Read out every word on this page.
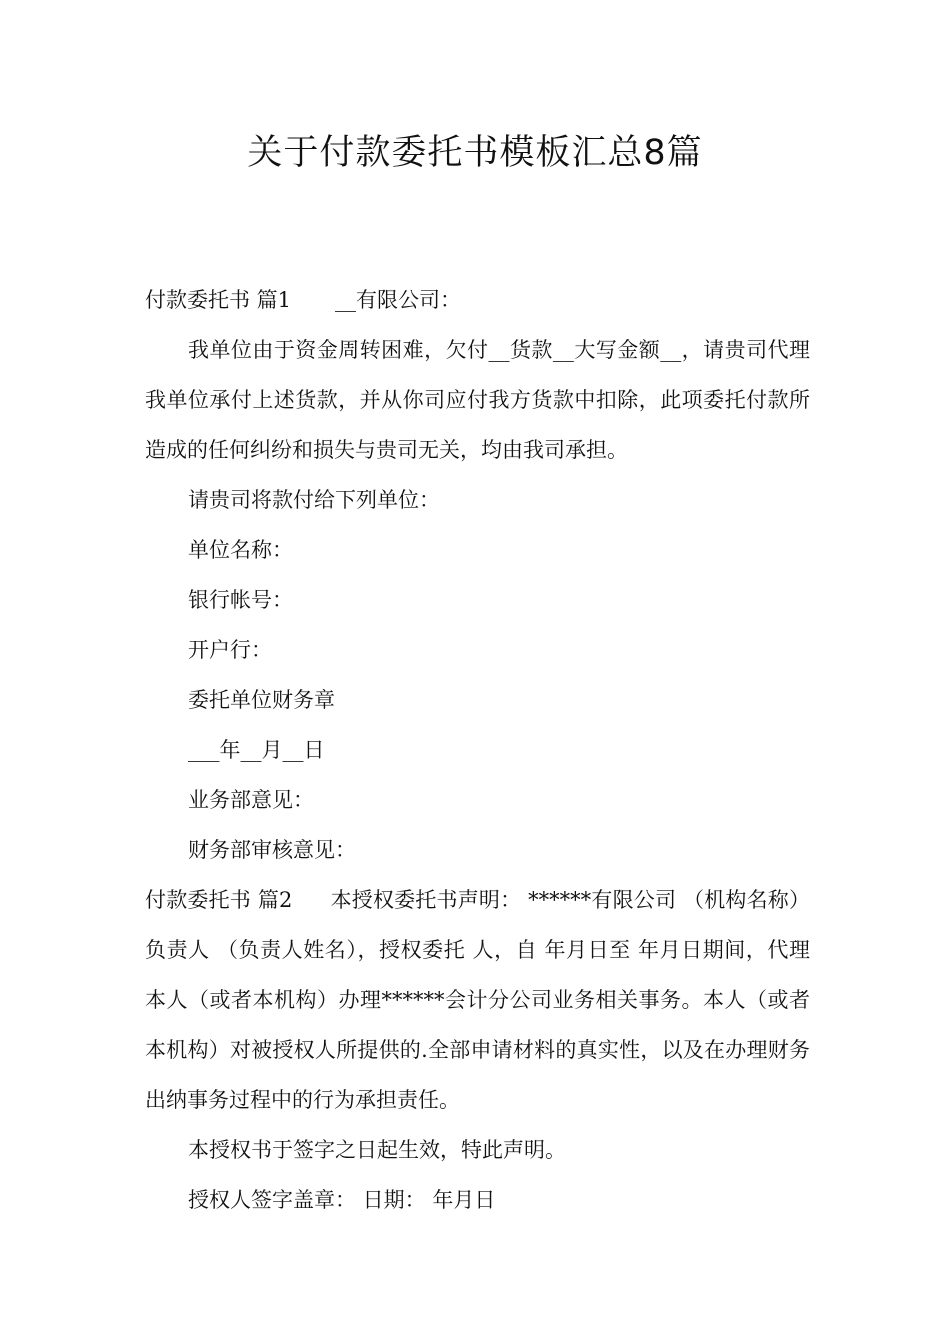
关于付款委托书模板汇总8篇

付款委托书 篇1 __有限公司：

我单位由于资金周转困难，欠付__货款__大写金额__，请贵司代理我单位承付上述货款，并从你司应付我方货款中扣除，此项委托付款所造成的任何纠纷和损失与贵司无关，均由我司承担。

请贵司将款付给下列单位：

单位名称：

银行帐号：

开户行：

委托单位财务章

___年__月__日

业务部意见：

财务部审核意见：

付款委托书 篇2 本授权委托书声明： ******有限公司 （机构名称）负责人 （负责人姓名），授权委托 人，自 年月日至 年月日期间，代理本人（或者本机构）办理******会计分公司业务相关事务。本人（或者本机构）对被授权人所提供的.全部申请材料的真实性，以及在办理财务出纳事务过程中的行为承担责任。

本授权书于签字之日起生效，特此声明。

授权人签字盖章： 日期： 年月日
